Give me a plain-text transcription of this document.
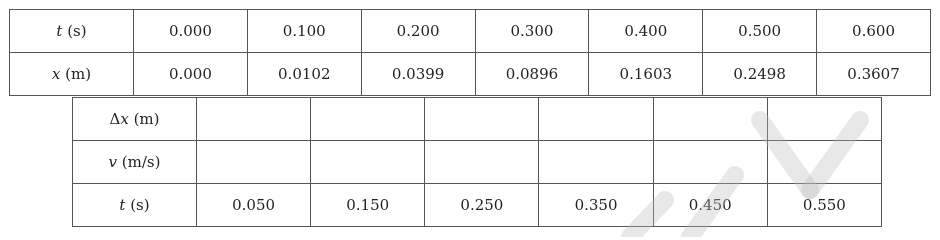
t (s)	0.000	0.100	0.200	0.300	0.400	0.500	0.600
x (m)	0.000	0.0102	0.0399	0.0896	0.1603	0.2498	0.3607
Δx (m)						
v (m/s)						
t (s)	0.050	0.150	0.250	0.350	0.450	0.550
